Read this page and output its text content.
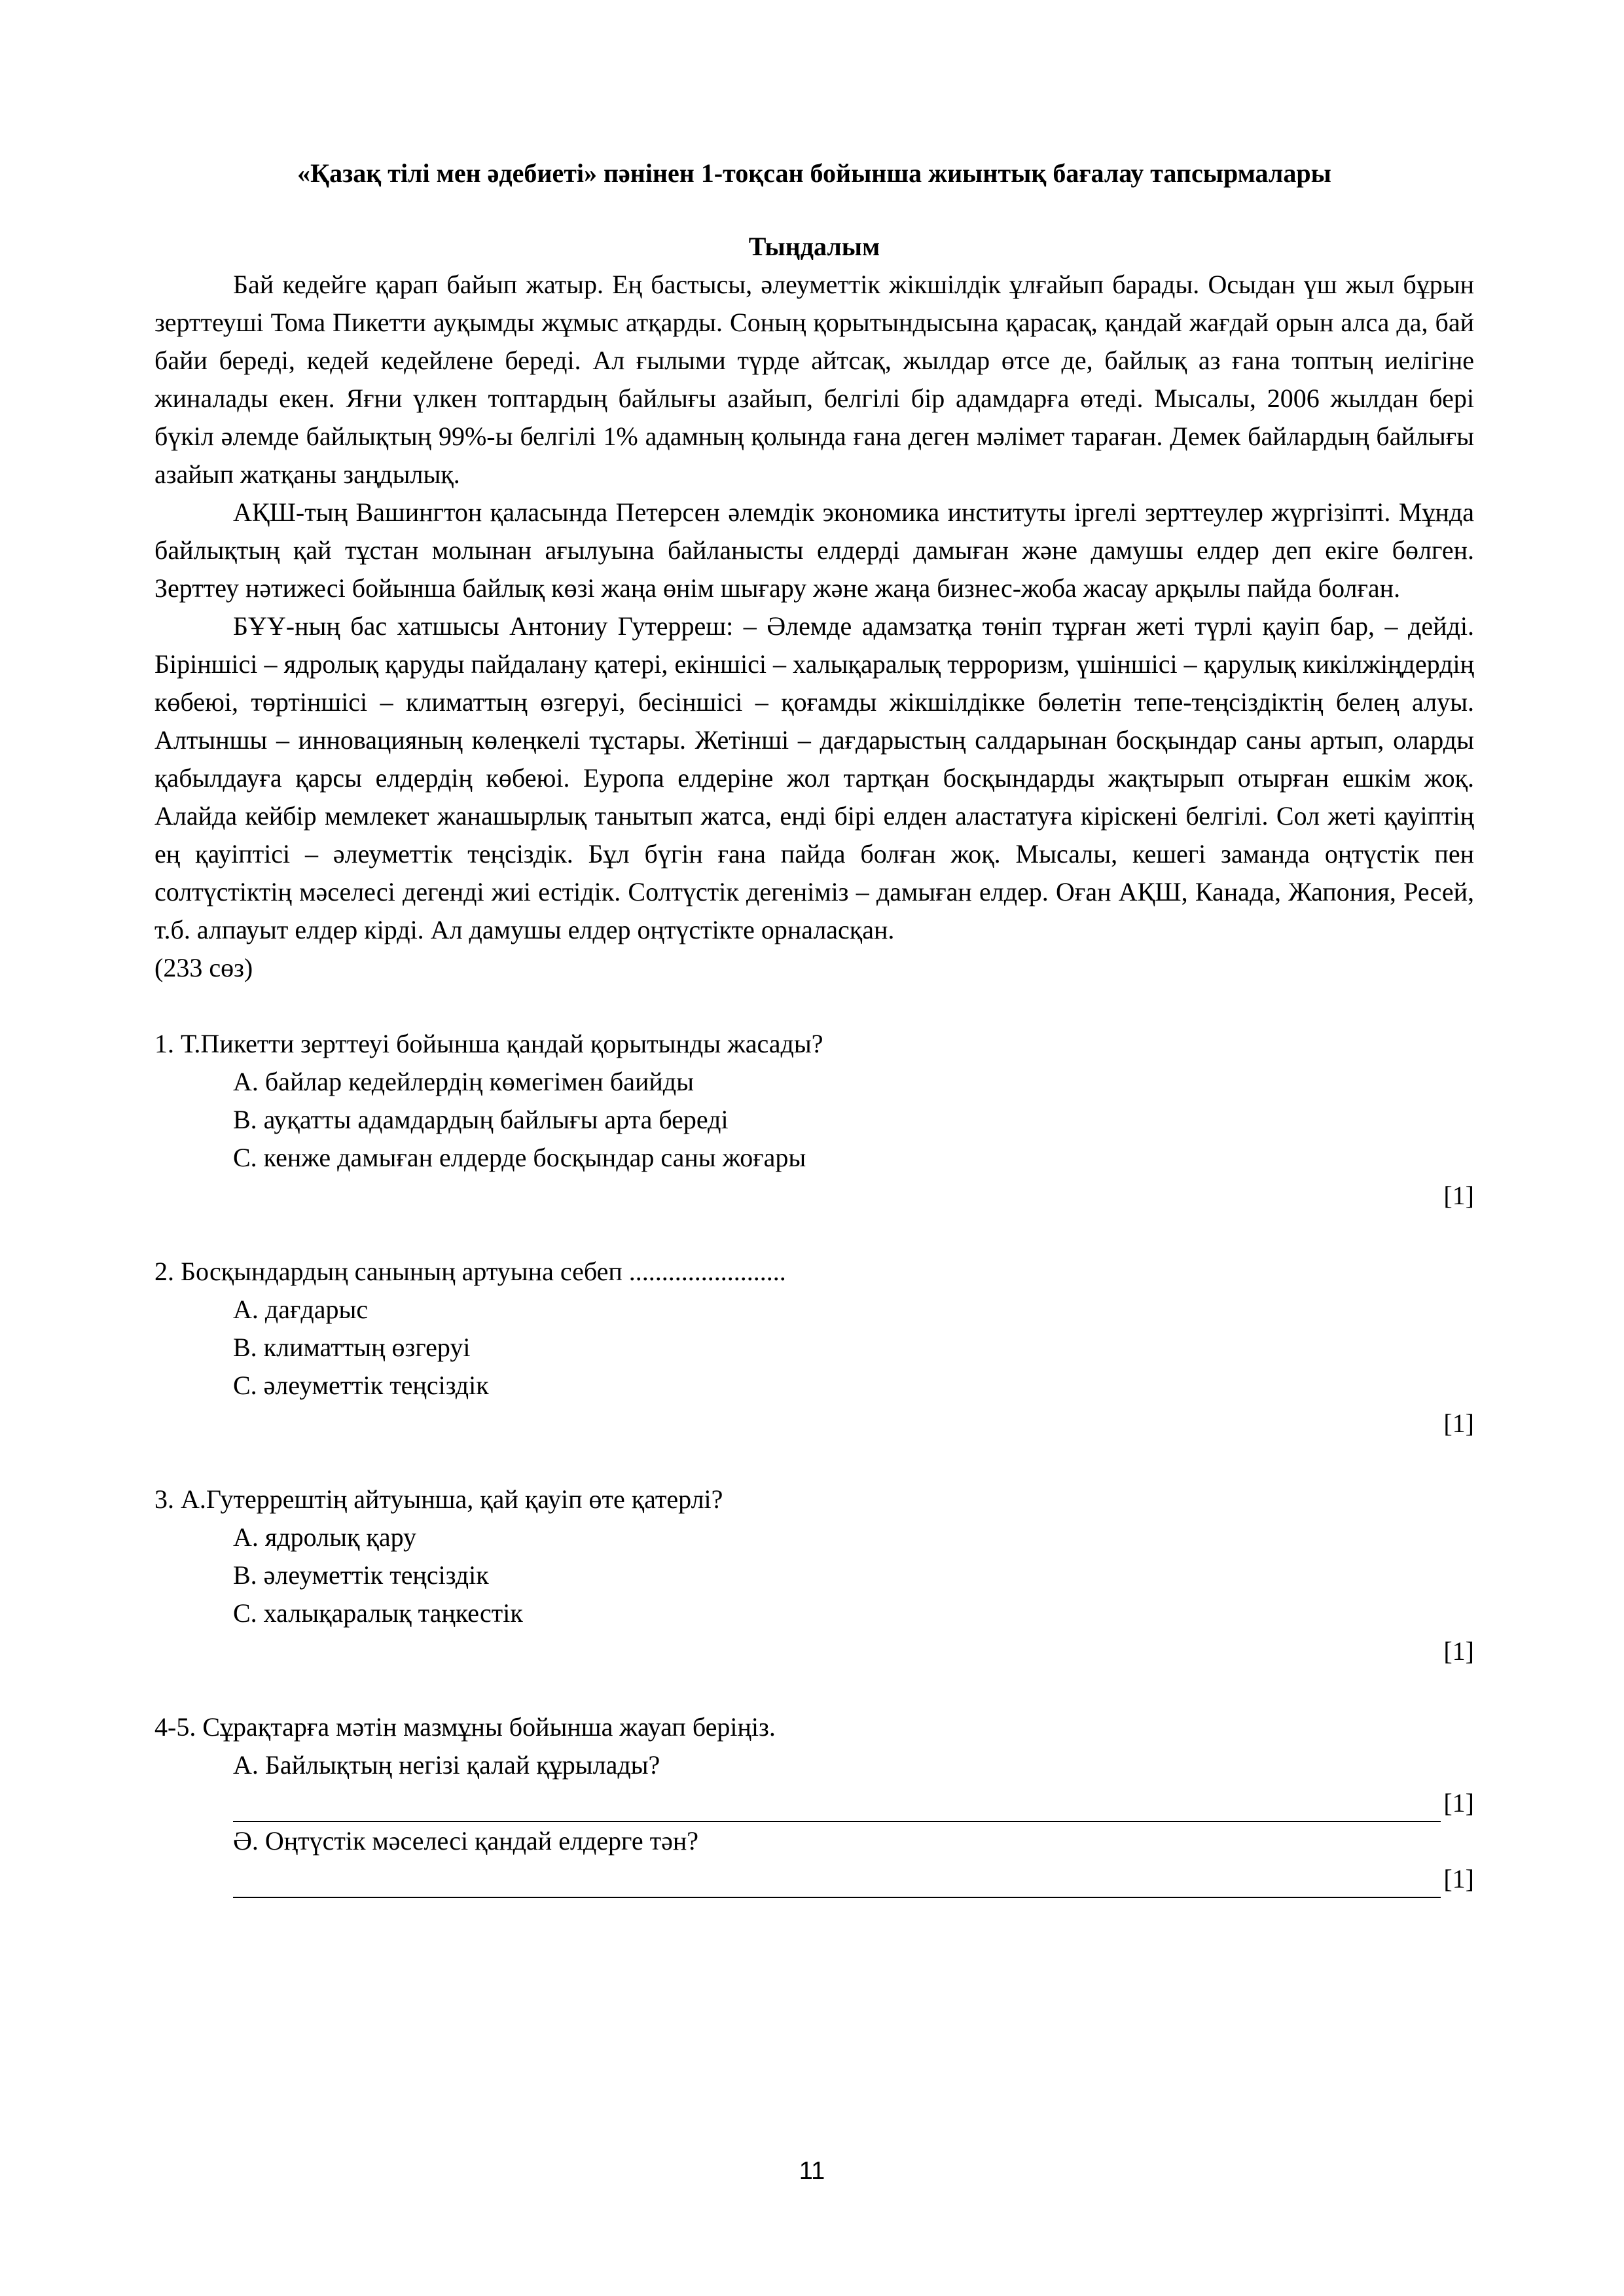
«Қазақ тілі мен әдебиеті» пәнінен 1-тоқсан бойынша жиынтық бағалау тапсырмалары

Тыңдалым

Бай кедейге қарап байып жатыр. Ең бастысы, әлеуметтік жікшілдік ұлғайып барады. Осыдан үш жыл бұрын зерттеуші Тома Пикетти ауқымды жұмыс атқарды. Соның қорытындысына қарасақ, қандай жағдай орын алса да, бай байи береді, кедей кедейлене береді. Ал ғылыми түрде айтсақ, жылдар өтсе де, байлық аз ғана топтың иелігіне жиналады екен. Яғни үлкен топтардың байлығы азайып, белгілі бір адамдарға өтеді. Мысалы, 2006 жылдан бері бүкіл әлемде байлықтың 99%-ы белгілі 1% адамның қолында ғана деген мәлімет тараған. Демек байлардың байлығы азайып жатқаны заңдылық.

АҚШ-тың Вашингтон қаласында Петерсен әлемдік экономика институты іргелі зерттеулер жүргізіпті. Мұнда байлықтың қай тұстан молынан ағылуына байланысты елдерді дамыған және дамушы елдер деп екіге бөлген. Зерттеу нәтижесі бойынша байлық көзі жаңа өнім шығару және жаңа бизнес-жоба жасау арқылы пайда болған.

БҰҰ-ның бас хатшысы Антониу Гутерреш: – Әлемде адамзатқа төніп тұрған жеті түрлі қауіп бар, – дейді. Біріншісі – ядролық қаруды пайдалану қатері, екіншісі – халықаралық терроризм, үшіншісі – қарулық кикілжіңдердің көбеюі, төртіншісі – климаттың өзгеруі, бесіншісі – қоғамды жікшілдікке бөлетін тепе-теңсіздіктің белең алуы. Алтыншы – инновацияның көлеңкелі тұстары. Жетінші – дағдарыстың салдарынан босқындар саны артып, оларды қабылдауға қарсы елдердің көбеюі. Еуропа елдеріне жол тартқан босқындарды жақтырып отырған ешкім жоқ. Алайда кейбір мемлекет жанашырлық танытып жатса, енді бірі елден аластатуға кіріскені белгілі. Сол жеті қауіптің ең қауіптісі – әлеуметтік теңсіздік. Бұл бүгін ғана пайда болған жоқ. Мысалы, кешегі заманда оңтүстік пен солтүстіктің мәселесі дегенді жиі естідік. Солтүстік дегеніміз – дамыған елдер. Оған АҚШ, Канада, Жапония, Ресей, т.б. алпауыт елдер кірді. Ал дамушы елдер оңтүстікте орналасқан.

(233 сөз)

1. Т.Пикетти зерттеуі бойынша қандай қорытынды жасады?

A. байлар кедейлердің көмегімен баийды

B. ауқатты адамдардың байлығы арта береді

C. кенже дамыған елдерде босқындар саны жоғары

[1]

2. Босқындардың санының артуына себеп ........................

A. дағдарыс

B. климаттың өзгеруі

C. әлеуметтік теңсіздік

[1]

3. А.Гутеррештің айтуынша, қай қауіп өте қатерлі?

A. ядролық қару

B. әлеуметтік теңсіздік

C. халықаралық таңкестік

[1]

4-5. Сұрақтарға мәтін мазмұны бойынша жауап беріңіз.

А. Байлықтың негізі қалай құрылады?

[1]

Ә. Оңтүстік мәселесі қандай елдерге тән?

[1]
11
